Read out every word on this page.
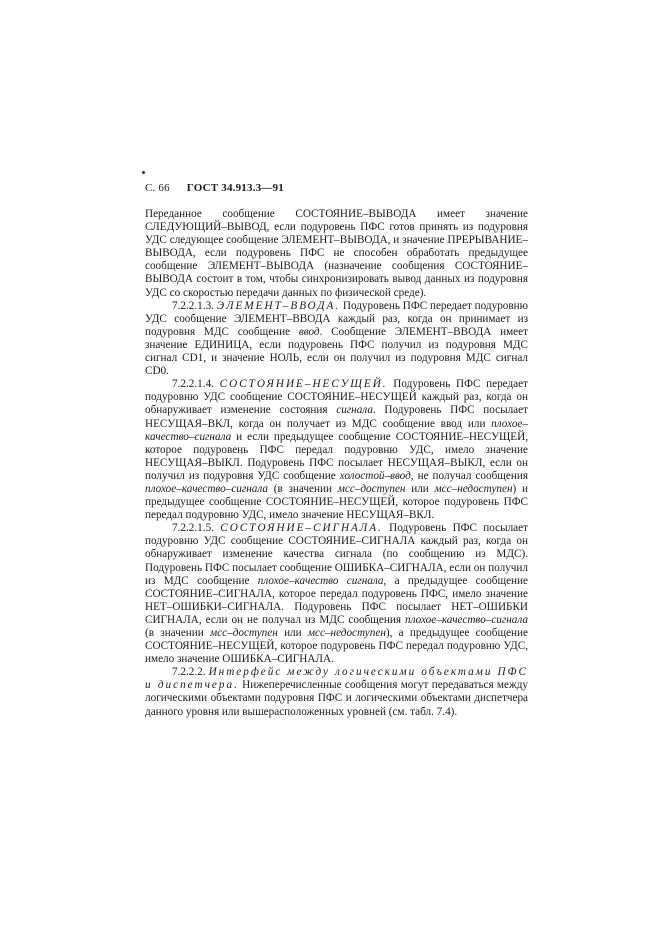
С. 66 ГОСТ 34.913.3—91

Переданное сообщение СОСТОЯНИЕ–ВЫВОДА имеет значение СЛЕДУЮЩИЙ–ВЫВОД, если подуровень ПФС готов принять из подуровня УДС следующее сообщение ЭЛЕМЕНТ–ВЫВОДА, и значение ПРЕРЫВАНИЕ–ВЫВОДА, если подуровень ПФС не способен обработать предыдущее сообщение ЭЛЕМЕНТ–ВЫВОДА (назначение сообщения СОСТОЯНИЕ–ВЫВОДА состоит в том, чтобы синхронизировать вывод данных из подуровня УДС со скоростью передачи данных по физической среде).

7.2.2.1.3. ЭЛЕМЕНТ–ВВОДА. Подуровень ПФС передает подуровню УДС сообщение ЭЛЕМЕНТ–ВВОДА каждый раз, когда он принимает из подуровня МДС сообщение ввод. Сообщение ЭЛЕМЕНТ–ВВОДА имеет значение ЕДИНИЦА, если подуровень ПФС получил из подуровня МДС сигнал CD1, и значение НОЛЬ, если он получил из подуровня МДС сигнал CD0.

7.2.2.1.4. СОСТОЯНИЕ–НЕСУЩЕЙ. Подуровень ПФС передает подуровню УДС сообщение СОСТОЯНИЕ–НЕСУЩЕЙ каждый раз, когда он обнаруживает изменение состояния сигнала. Подуровень ПФС посылает НЕСУЩАЯ–ВКЛ, когда он получает из МДС сообщение ввод или плохое–качество–сигнала и если предыдущее сообщение СОСТОЯНИЕ–НЕСУЩЕЙ, которое подуровень ПФС передал подуровню УДС, имело значение НЕСУЩАЯ–ВЫКЛ. Подуровень ПФС посылает НЕСУЩАЯ–ВЫКЛ, если он получил из подуровня УДС сообщение холостой–ввод, не получал сообщения плохое–качество–сигнала (в значении мсс–доступен или мсс–недоступен) и предыдущее сообщение СОСТОЯНИЕ–НЕСУЩЕЙ, которое подуровень ПФС передал подуровню УДС, имело значение НЕСУЩАЯ–ВКЛ.

7.2.2.1.5. СОСТОЯНИЕ–СИГНАЛА. Подуровень ПФС посылает подуровню УДС сообщение СОСТОЯНИЕ–СИГНАЛА каждый раз, когда он обнаруживает изменение качества сигнала (по сообщению из МДС). Подуровень ПФС посылает сообщение ОШИБКА–СИГНАЛА, если он получил из МДС сообщение плохое–качество сигнала, а предыдущее сообщение СОСТОЯНИЕ–СИГНАЛА, которое передал подуровень ПФС, имело значение НЕТ–ОШИБКИ–СИГНАЛА. Подуровень ПФС посылает НЕТ–ОШИБКИ СИГНАЛА, если он не получал из МДС сообщения плохое–качество–сигнала (в значении мсс–доступен или мсс–недоступен), а предыдущее сообщение СОСТОЯНИЕ–НЕСУЩЕЙ, которое подуровень ПФС передал подуровню УДС, имело значение ОШИБКА–СИГНАЛА.

7.2.2.2. Интерфейс между логическими объектами ПФС и диспетчера. Нижеперечисленные сообщения могут передаваться между логическими объектами подуровня ПФС и логическими объектами диспетчера данного уровня или вышерасположенных уровней (см. табл. 7.4).
